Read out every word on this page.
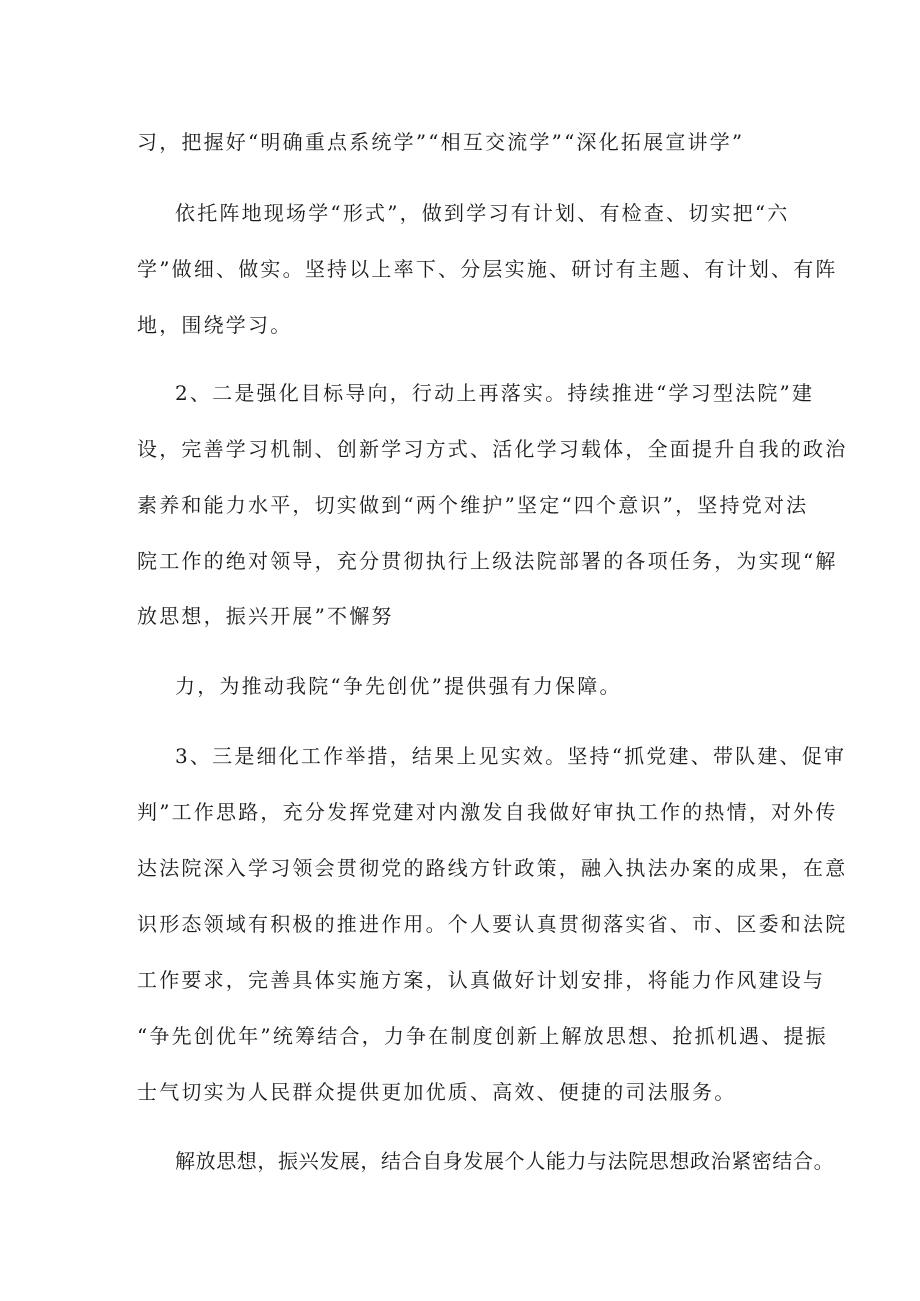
习，把握好“明确重点系统学”“相互交流学”“深化拓展宣讲学”
依托阵地现场学“形式”，做到学习有计划、有检查、切实把“六
学”做细、做实。坚持以上率下、分层实施、研讨有主题、有计划、有阵
地，围绕学习。
2、二是强化目标导向，行动上再落实。持续推进“学习型法院”建
设，完善学习机制、创新学习方式、活化学习载体，全面提升自我的政治
素养和能力水平，切实做到“两个维护”坚定“四个意识”，坚持党对法
院工作的绝对领导，充分贯彻执行上级法院部署的各项任务，为实现“解
放思想，振兴开展”不懈努
力，为推动我院“争先创优”提供强有力保障。
3、三是细化工作举措，结果上见实效。坚持“抓党建、带队建、促审
判”工作思路，充分发挥党建对内激发自我做好审执工作的热情，对外传
达法院深入学习领会贯彻党的路线方针政策，融入执法办案的成果，在意
识形态领域有积极的推进作用。个人要认真贯彻落实省、市、区委和法院
工作要求，完善具体实施方案，认真做好计划安排，将能力作风建设与
“争先创优年”统筹结合，力争在制度创新上解放思想、抢抓机遇、提振
士气切实为人民群众提供更加优质、高效、便捷的司法服务。
解放思想，振兴发展，结合自身发展个人能力与法院思想政治紧密结合。
